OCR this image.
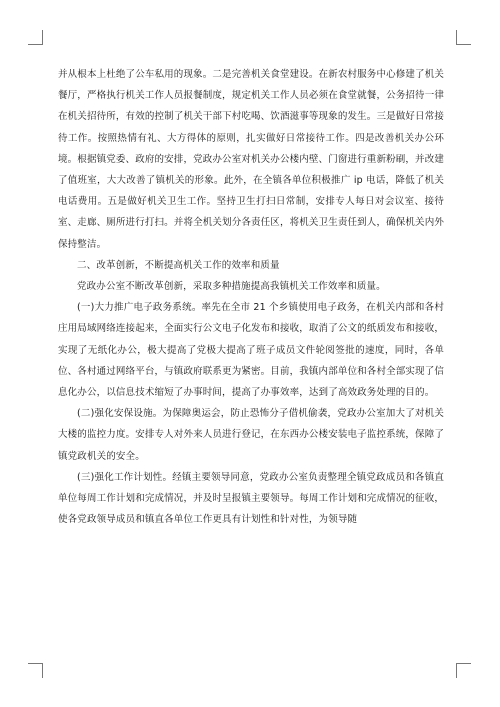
并从根本上杜绝了公车私用的现象。二是完善机关食堂建设。在新农村服务中心修建了机关餐厅，严格执行机关工作人员报餐制度，规定机关工作人员必须在食堂就餐，公务招待一律在机关招待所，有效的控制了机关干部下村吃喝、饮酒滋事等现象的发生。三是做好日常接待工作。按照热情有礼、大方得体的原则，扎实做好日常接待工作。四是改善机关办公环境。根据镇党委、政府的安排，党政办公室对机关办公楼内壁、门窗进行重新粉刷，并改建了值班室，大大改善了镇机关的形象。此外，在全镇各单位积极推广 ip 电话，降低了机关电话费用。五是做好机关卫生工作。坚持卫生打扫日常制，安排专人每日对会议室、接待室、走廊、厕所进行打扫。并将全机关划分各责任区，将机关卫生责任到人，确保机关内外保持整洁。

二、改革创新，不断提高机关工作的效率和质量

党政办公室不断改革创新，采取多种措施提高我镇机关工作效率和质量。

(一)大力推广电子政务系统。率先在全市 21 个乡镇使用电子政务，在机关内部和各村庄用局域网络连接起来，全面实行公文电子化发布和接收，取消了公文的纸质发布和接收，实现了无纸化办公，极大提高了党极大提高了班子成员文件轮阅签批的速度，同时，各单位、各村通过网络平台，与镇政府联系更为紧密。目前，我镇内部单位和各村全部实现了信息化办公，以信息技术缩短了办事时间，提高了办事效率，达到了高效政务处理的目的。

(二)强化安保设施。为保障奥运会，防止恐怖分子借机偷袭，党政办公室加大了对机关大楼的监控力度。安排专人对外来人员进行登记，在东西办公楼安装电子监控系统，保障了镇党政机关的安全。

(三)强化工作计划性。经镇主要领导同意，党政办公室负责整理全镇党政成员和各镇直单位每周工作计划和完成情况，并及时呈报镇主要领导。每周工作计划和完成情况的征收，使各党政领导成员和镇直各单位工作更具有计划性和针对性，为领导随
